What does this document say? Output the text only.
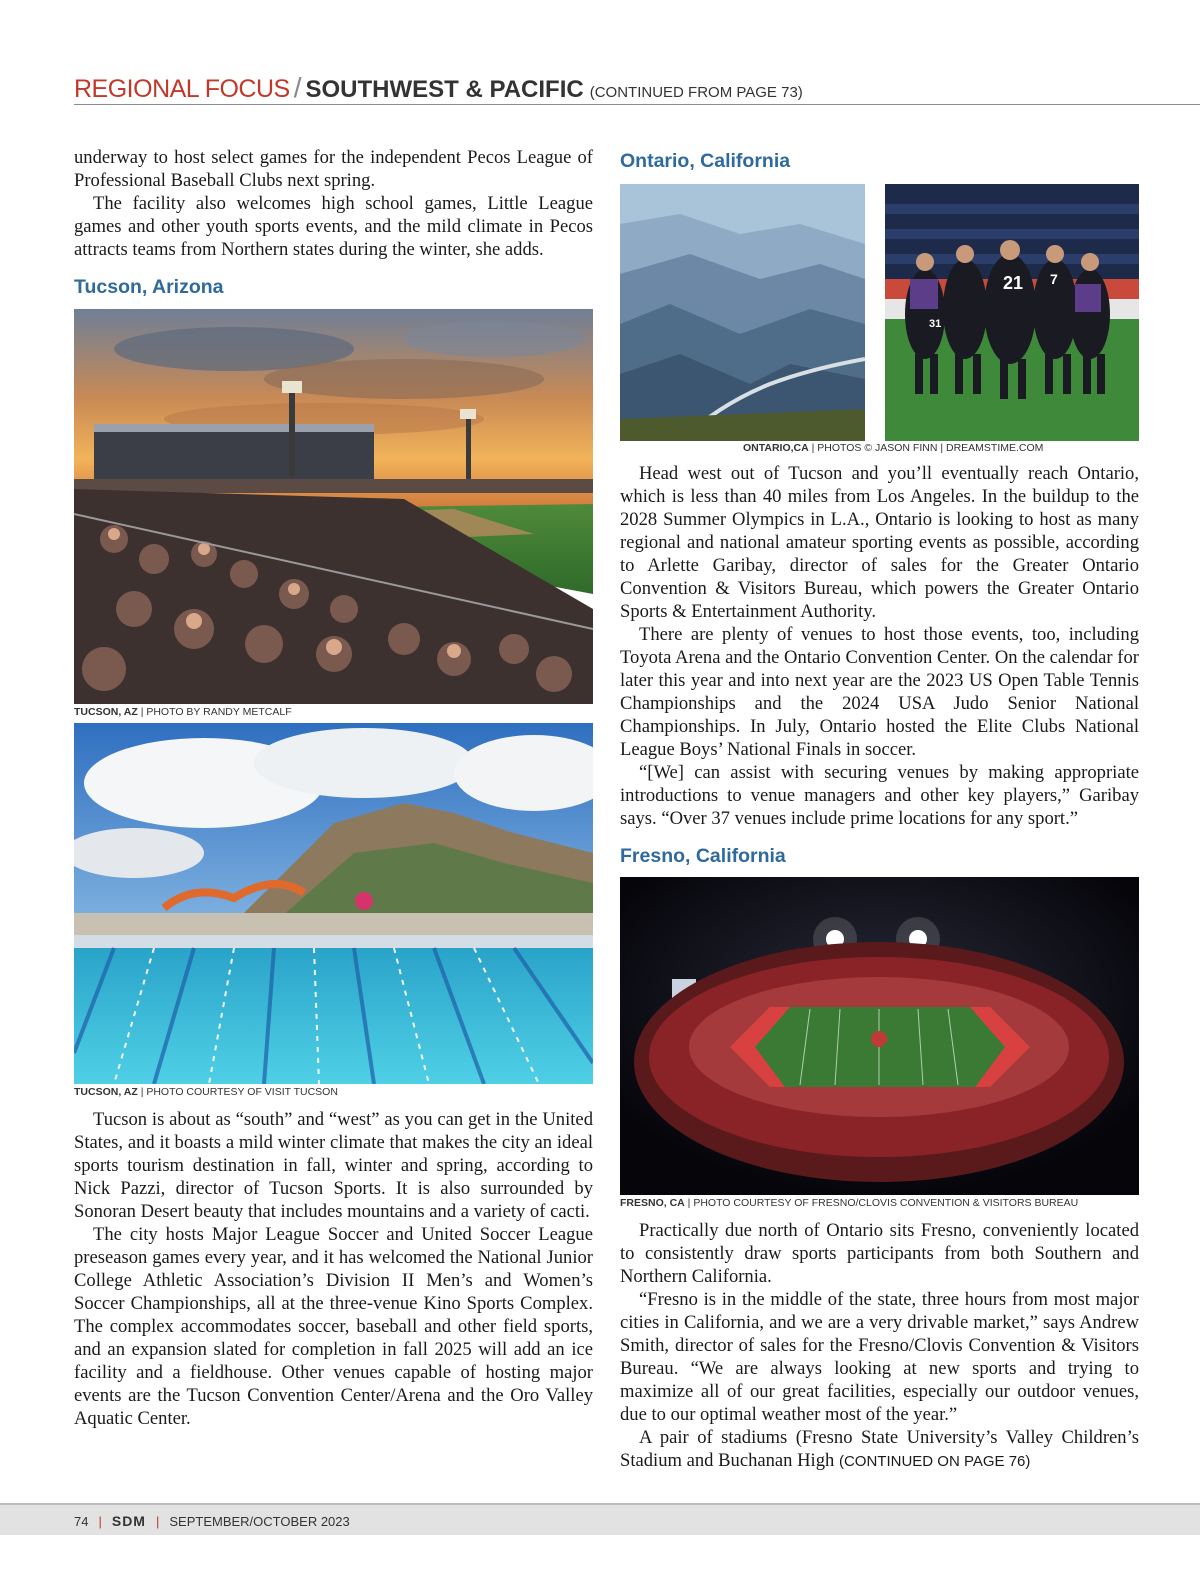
REGIONAL FOCUS / SOUTHWEST & PACIFIC (CONTINUED FROM PAGE 73)

underway to host select games for the independent Pecos League of Professional Baseball Clubs next spring.

The facility also welcomes high school games, Little League games and other youth sports events, and the mild climate in Pecos attracts teams from Northern states during the winter, she adds.

Tucson, Arizona
TUCSON, AZ | PHOTO BY RANDY METCALF
TUCSON, AZ | PHOTO COURTESY OF VISIT TUCSON

Tucson is about as “south” and “west” as you can get in the United States, and it boasts a mild winter climate that makes the city an ideal sports tourism destination in fall, winter and spring, according to Nick Pazzi, director of Tucson Sports. It is also surrounded by Sonoran Desert beauty that includes mountains and a variety of cacti.

The city hosts Major League Soccer and United Soccer League preseason games every year, and it has welcomed the National Junior College Athletic Association’s Division II Men’s and Women’s Soccer Championships, all at the three-venue Kino Sports Complex. The complex accommodates soccer, baseball and other field sports, and an expansion slated for completion in fall 2025 will add an ice facility and a fieldhouse. Other venues capable of hosting major events are the Tucson Convention Center/Arena and the Oro Valley Aquatic Center.

Ontario, California
21 7
31
ONTARIO,CA | PHOTOS © JASON FINN | DREAMSTIME.COM

Head west out of Tucson and you’ll eventually reach Ontario, which is less than 40 miles from Los Angeles. In the buildup to the 2028 Summer Olympics in L.A., Ontario is looking to host as many regional and national amateur sporting events as possible, according to Arlette Garibay, director of sales for the Greater Ontario Convention & Visitors Bureau, which powers the Greater Ontario Sports & Entertainment Authority.

There are plenty of venues to host those events, too, including Toyota Arena and the Ontario Convention Center. On the calendar for later this year and into next year are the 2023 US Open Table Tennis Championships and the 2024 USA Judo Senior National Championships. In July, Ontario hosted the Elite Clubs National League Boys’ National Finals in soccer.

“[We] can assist with securing venues by making appropriate introductions to venue managers and other key players,” Garibay says. “Over 37 venues include prime locations for any sport.”

Fresno, California
FRESNO, CA | PHOTO COURTESY OF FRESNO/CLOVIS CONVENTION & VISITORS BUREAU

Practically due north of Ontario sits Fresno, conveniently located to consistently draw sports participants from both Southern and Northern California.

“Fresno is in the middle of the state, three hours from most major cities in California, and we are a very drivable market,” says Andrew Smith, director of sales for the Fresno/Clovis Convention & Visitors Bureau. “We are always looking at new sports and trying to maximize all of our great facilities, especially our outdoor venues, due to our optimal weather most of the year.”

A pair of stadiums (Fresno State University’s Valley Children’s Stadium and Buchanan High (CONTINUED ON PAGE 76)

74 | SDM | SEPTEMBER/OCTOBER 2023
